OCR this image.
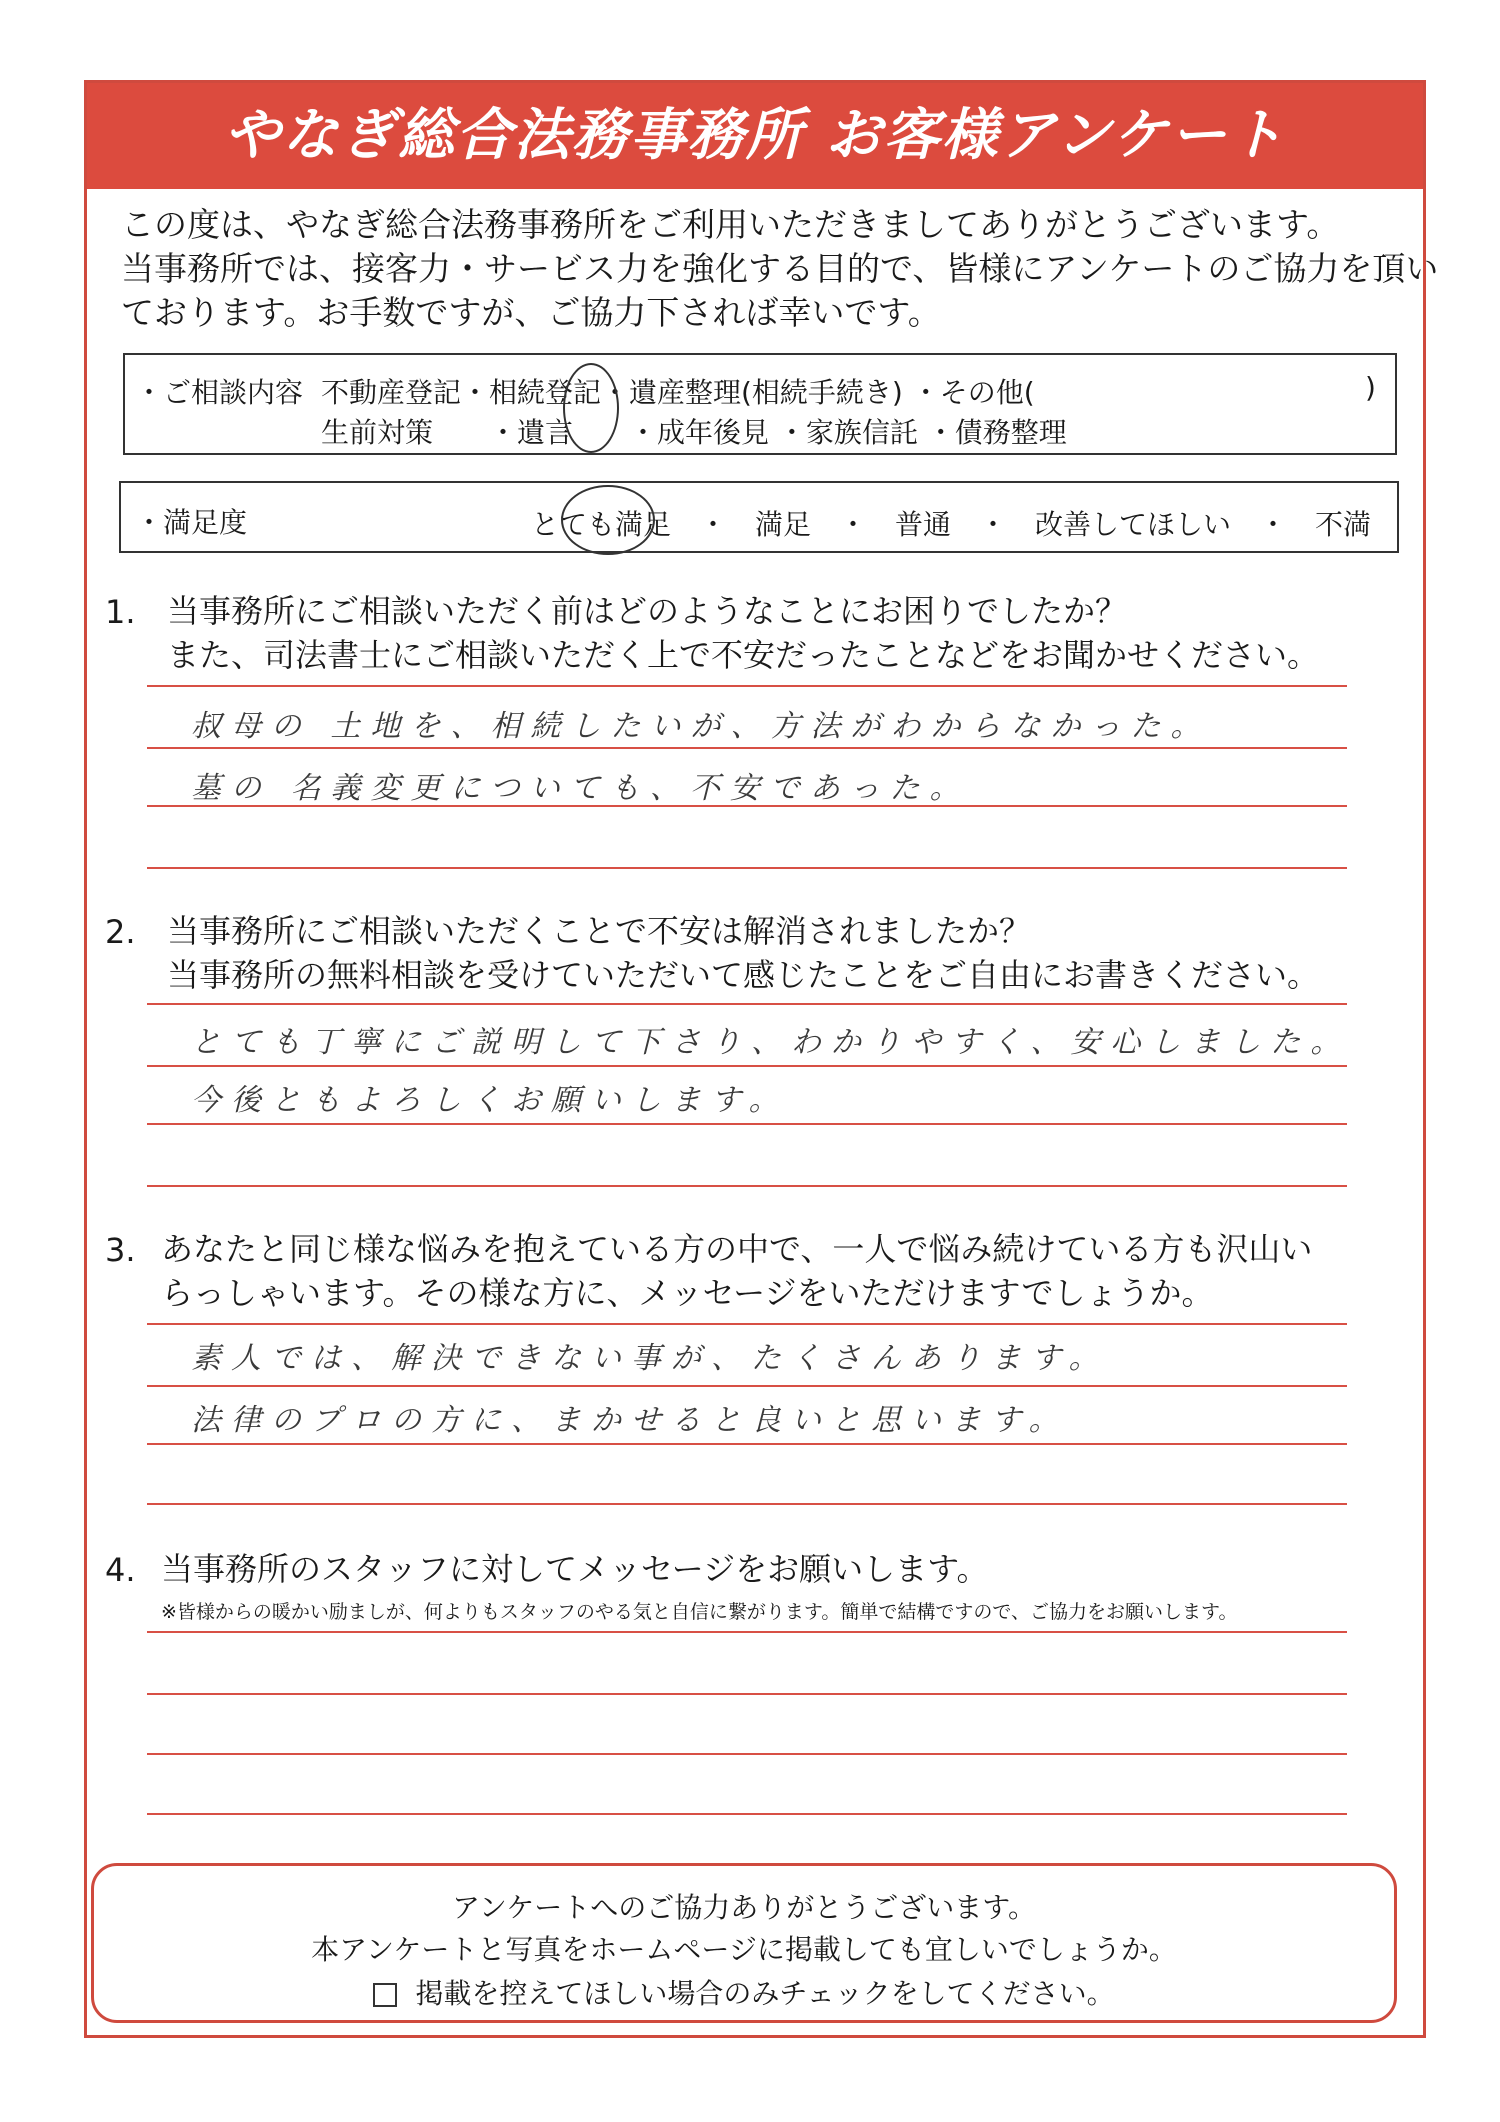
やなぎ総合法務事務所 お客様アンケート
この度は、やなぎ総合法務事務所をご利用いただきましてありがとうございます。
当事務所では、接客力・サービス力を強化する目的で、皆様にアンケートのご協力を頂い
ております。お手数ですが、ご協力下されば幸いです。
・ご相談内容 不動産登記・相続登記・遺産整理(相続手続き) ・その他(	)
生前対策　　・遺言　　・成年後見 ・家族信託 ・債務整理
・満足度	とても満足　・　満足　・　普通　・　改善してほしい　・　不満
1. 当事務所にご相談いただく前はどのようなことにお困りでしたか？
また、司法書士にご相談いただく上で不安だったことなどをお聞かせください。
叔母の 土地を、相続したいが、方法がわからなかった。
墓の 名義変更についても、不安であった。
2. 当事務所にご相談いただくことで不安は解消されましたか？
当事務所の無料相談を受けていただいて感じたことをご自由にお書きください。
とても丁寧にご説明して下さり、わかりやすく、安心しました。
今後ともよろしくお願いします。
3. あなたと同じ様な悩みを抱えている方の中で、一人で悩み続けている方も沢山い
らっしゃいます。その様な方に、メッセージをいただけますでしょうか。
素人では、解決できない事が、たくさんあります。
法律のプロの方に、まかせると良いと思います。
4. 当事務所のスタッフに対してメッセージをお願いします。
※皆様からの暖かい励ましが、何よりもスタッフのやる気と自信に繋がります。簡単で結構ですので、ご協力をお願いします。
アンケートへのご協力ありがとうございます。
本アンケートと写真をホームページに掲載しても宜しいでしょうか。
掲載を控えてほしい場合のみチェックをしてください。
